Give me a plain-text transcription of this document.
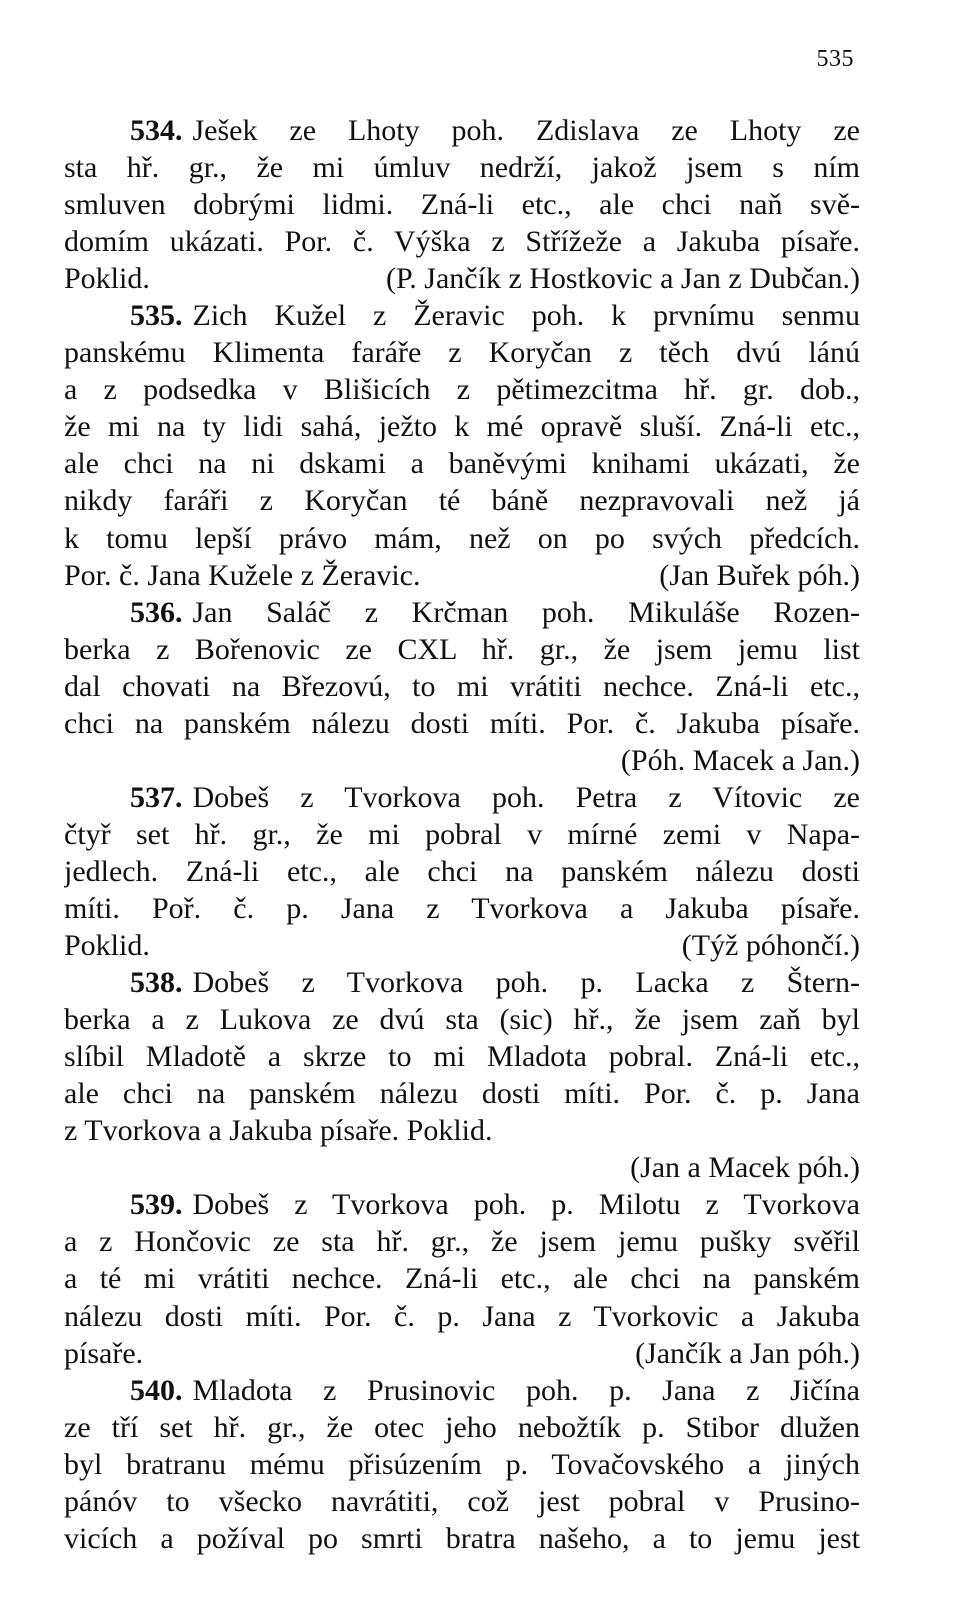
535
534. Ješek ze Lhoty poh. Zdislava ze Lhoty ze
sta hř. gr., že mi úmluv nedrží, jakož jsem s ním
smluven dobrými lidmi. Zná-li etc., ale chci naň svě-
domím ukázati. Por. č. Výška z Střížeže a Jakuba písaře.
Poklid.	(P. Jančík z Hostkovic a Jan z Dubčan.)
535. Zich Kužel z Žeravic poh. k prvnímu senmu
panskému Klimenta faráře z Koryčan z těch dvú lánú
a z podsedka v Blišicích z pětimezcitma hř. gr. dob.,
že mi na ty lidi sahá, ježto k mé opravě sluší. Zná-li etc.,
ale chci na ni dskami a baněvými knihami ukázati, že
nikdy faráři z Koryčan té báně nezpravovali než já
k tomu lepší právo mám, než on po svých předcích.
Por. č. Jana Kužele z Žeravic.	(Jan Buřek póh.)
536. Jan Saláč z Krčman poh. Mikuláše Rozen-
berka z Bořenovic ze CXL hř. gr., že jsem jemu list
dal chovati na Březovú, to mi vrátiti nechce. Zná-li etc.,
chci na panském nálezu dosti míti. Por. č. Jakuba písaře.
(Póh. Macek a Jan.)
537. Dobeš z Tvorkova poh. Petra z Vítovic ze
čtyř set hř. gr., že mi pobral v mírné zemi v Napa-
jedlech. Zná-li etc., ale chci na panském nálezu dosti
míti. Poř. č. p. Jana z Tvorkova a Jakuba písaře.
Poklid.	(Týž póhončí.)
538. Dobeš z Tvorkova poh. p. Lacka z Štern-
berka a z Lukova ze dvú sta (sic) hř., že jsem zaň byl
slíbil Mladotě a skrze to mi Mladota pobral. Zná-li etc.,
ale chci na panském nálezu dosti míti. Por. č. p. Jana
z Tvorkova a Jakuba písaře. Poklid.
(Jan a Macek póh.)
539. Dobeš z Tvorkova poh. p. Milotu z Tvorkova
a z Hončovic ze sta hř. gr., že jsem jemu pušky svěřil
a té mi vrátiti nechce. Zná-li etc., ale chci na panském
nálezu dosti míti. Por. č. p. Jana z Tvorkovic a Jakuba
písaře.	(Jančík a Jan póh.)
540. Mladota z Prusinovic poh. p. Jana z Jičína
ze tří set hř. gr., že otec jeho nebožtík p. Stibor dlužen
byl bratranu mému přisúzením p. Tovačovského a jiných
pánóv to všecko navrátiti, což jest pobral v Prusino-
vicích a požíval po smrti bratra našeho, a to jemu jest
